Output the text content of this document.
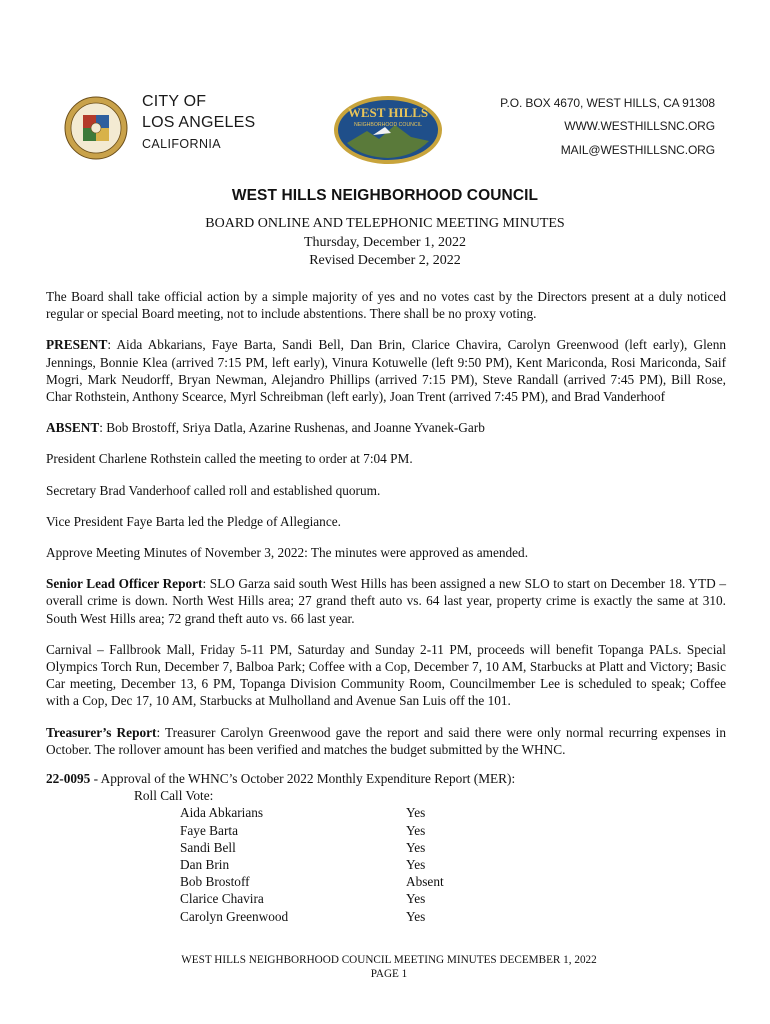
CITY OF
LOS ANGELES
CALIFORNIA
WEST HILLS
NEIGHBORHOOD COUNCIL
P.O. BOX 4670, WEST HILLS, CA 91308
WWW.WESTHILLSNC.ORG
MAIL@WESTHILLSNC.ORG
WEST HILLS NEIGHBORHOOD COUNCIL
BOARD ONLINE AND TELEPHONIC MEETING MINUTES
Thursday, December 1, 2022
Revised December 2, 2022

The Board shall take official action by a simple majority of yes and no votes cast by the Directors present at a duly noticed regular or special Board meeting, not to include abstentions. There shall be no proxy voting.

PRESENT: Aida Abkarians, Faye Barta, Sandi Bell, Dan Brin, Clarice Chavira, Carolyn Greenwood (left early), Glenn Jennings, Bonnie Klea (arrived 7:15 PM, left early), Vinura Kotuwelle (left 9:50 PM), Kent Mariconda, Rosi Mariconda, Saif Mogri, Mark Neudorff, Bryan Newman, Alejandro Phillips (arrived 7:15 PM), Steve Randall (arrived 7:45 PM), Bill Rose, Char Rothstein, Anthony Scearce, Myrl Schreibman (left early), Joan Trent (arrived 7:45 PM), and Brad Vanderhoof

ABSENT: Bob Brostoff, Sriya Datla, Azarine Rushenas, and Joanne Yvanek-Garb

President Charlene Rothstein called the meeting to order at 7:04 PM.

Secretary Brad Vanderhoof called roll and established quorum.

Vice President Faye Barta led the Pledge of Allegiance.

Approve Meeting Minutes of November 3, 2022: The minutes were approved as amended.

Senior Lead Officer Report: SLO Garza said south West Hills has been assigned a new SLO to start on December 18. YTD – overall crime is down. North West Hills area; 27 grand theft auto vs. 64 last year, property crime is exactly the same at 310. South West Hills area; 72 grand theft auto vs. 66 last year.

Carnival – Fallbrook Mall, Friday 5-11 PM, Saturday and Sunday 2-11 PM, proceeds will benefit Topanga PALs. Special Olympics Torch Run, December 7, Balboa Park; Coffee with a Cop, December 7, 10 AM, Starbucks at Platt and Victory; Basic Car meeting, December 13, 6 PM, Topanga Division Community Room, Councilmember Lee is scheduled to speak; Coffee with a Cop, Dec 17, 10 AM, Starbucks at Mulholland and Avenue San Luis off the 101.

Treasurer’s Report: Treasurer Carolyn Greenwood gave the report and said there were only normal recurring expenses in October. The rollover amount has been verified and matches the budget submitted by the WHNC.

22-0095 - Approval of the WHNC’s October 2022 Monthly Expenditure Report (MER):
Roll Call Vote:
Aida Abkarians	Yes
Faye Barta	Yes
Sandi Bell	Yes
Dan Brin	Yes
Bob Brostoff	Absent
Clarice Chavira	Yes
Carolyn Greenwood	Yes
WEST HILLS NEIGHBORHOOD COUNCIL MEETING MINUTES DECEMBER 1, 2022
PAGE 1
